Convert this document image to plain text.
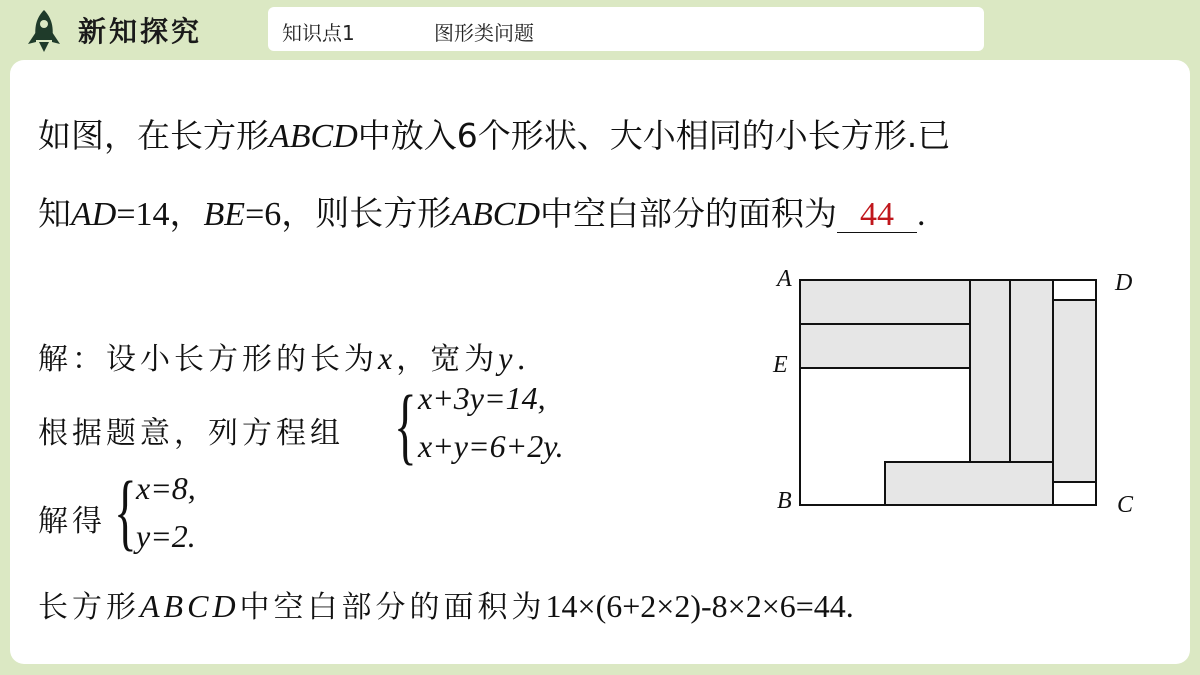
新知探究	知识点1	图形类问题
如图，在长方形ABCD中放入6个形状、大小相同的小长方形.已
知AD=14，BE=6，则长方形ABCD中空白部分的面积为 44 .
解：设小长方形的长为x，宽为y.
根据题意，列方程组 { x+3y=14,
x+y=6+2y.
解得 { x=8,
y=2.
长方形ABCD中空白部分的面积为14×(6+2×2)-8×2×6=44.
A	D
E
B	C
